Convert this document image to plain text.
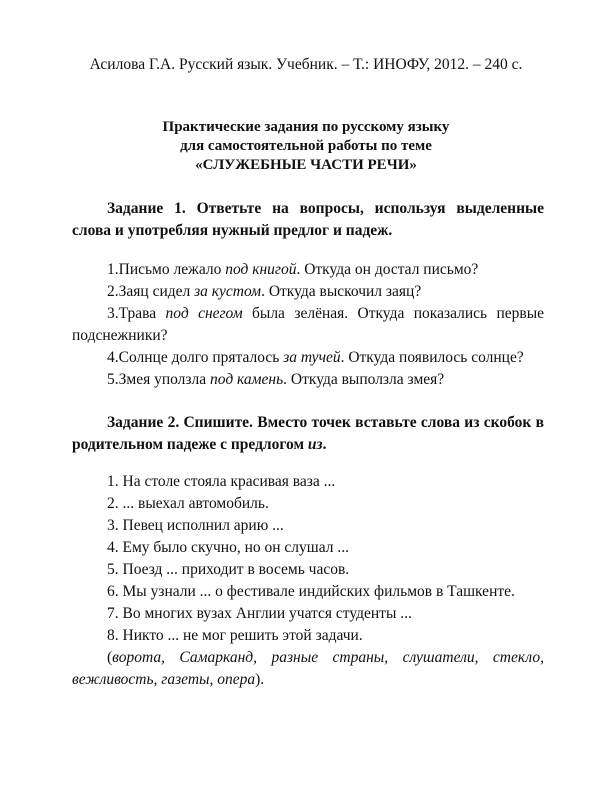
Асилова Г.А. Русский язык. Учебник. – Т.: ИНОФУ, 2012. – 240 с.
Практические задания по русскому языку
для самостоятельной работы по теме
«СЛУЖЕБНЫЕ ЧАСТИ РЕЧИ»
Задание 1. Ответьте на вопросы, используя выделенные слова и употребляя нужный предлог и падеж.
1.Письмо лежало под книгой. Откуда он достал письмо?
2.Заяц сидел за кустом. Откуда выскочил заяц?
3.Трава под снегом была зелёная. Откуда показались первые подснежники?
4.Солнце долго пряталось за тучей. Откуда появилось солнце?
5.Змея уползла под камень. Откуда выползла змея?
Задание 2. Спишите. Вместо точек вставьте слова из скобок в родительном падеже с предлогом из.
1. На столе стояла красивая ваза ...
2. ... выехал автомобиль.
3. Певец исполнил арию ...
4. Ему было скучно, но он слушал ...
5. Поезд ... приходит в восемь часов.
6. Мы узнали ... о фестивале индийских фильмов в Ташкенте.
7. Во многих вузах Англии учатся студенты ...
8. Никто ... не мог решить этой задачи.
(ворота, Самарканд, разные страны, слушатели, стекло, вежливость, газеты, опера).
